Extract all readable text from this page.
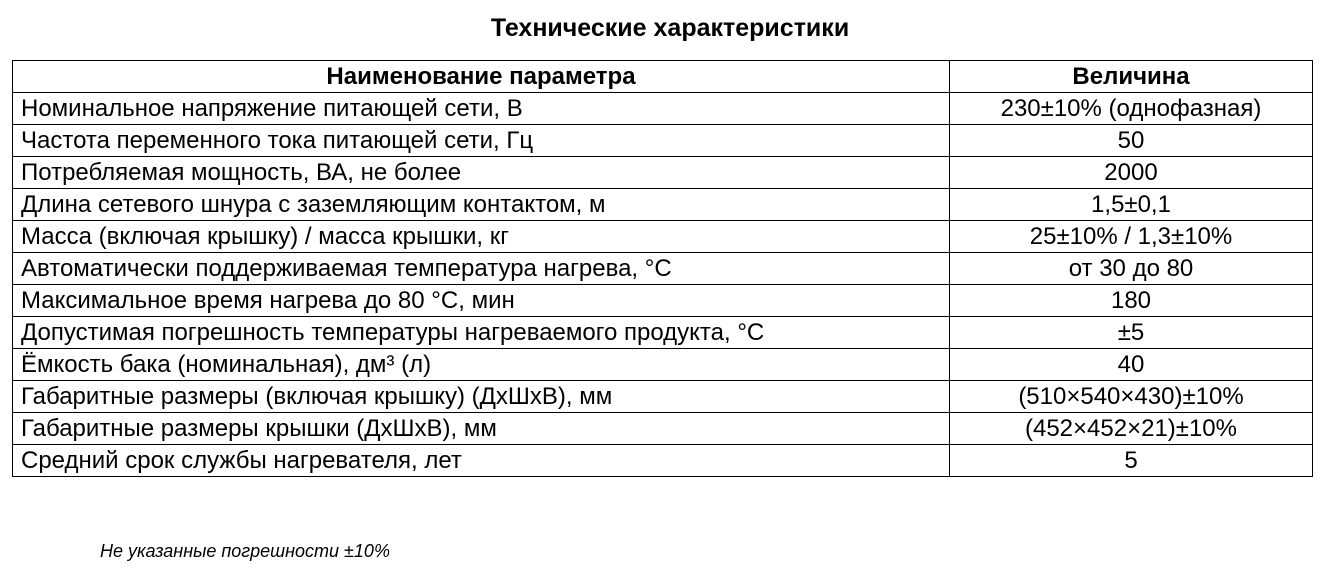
Технические характеристики
Наименование параметра	Величина
Номинальное напряжение питающей сети, В	230±10% (однофазная)
Частота переменного тока питающей сети, Гц	50
Потребляемая мощность, ВА, не более	2000
Длина сетевого шнура с заземляющим контактом, м	1,5±0,1
Масса (включая крышку) / масса крышки, кг	25±10% / 1,3±10%
Автоматически поддерживаемая температура нагрева, °С	от 30 до 80
Максимальное время нагрева до 80 °С, мин	180
Допустимая погрешность температуры нагреваемого продукта, °С	±5
Ёмкость бака (номинальная), дм³ (л)	40
Габаритные размеры (включая крышку) (ДхШхВ), мм	(510×540×430)±10%
Габаритные размеры крышки (ДхШхВ), мм	(452×452×21)±10%
Средний срок службы нагревателя, лет	5
Не указанные погрешности ±10%
